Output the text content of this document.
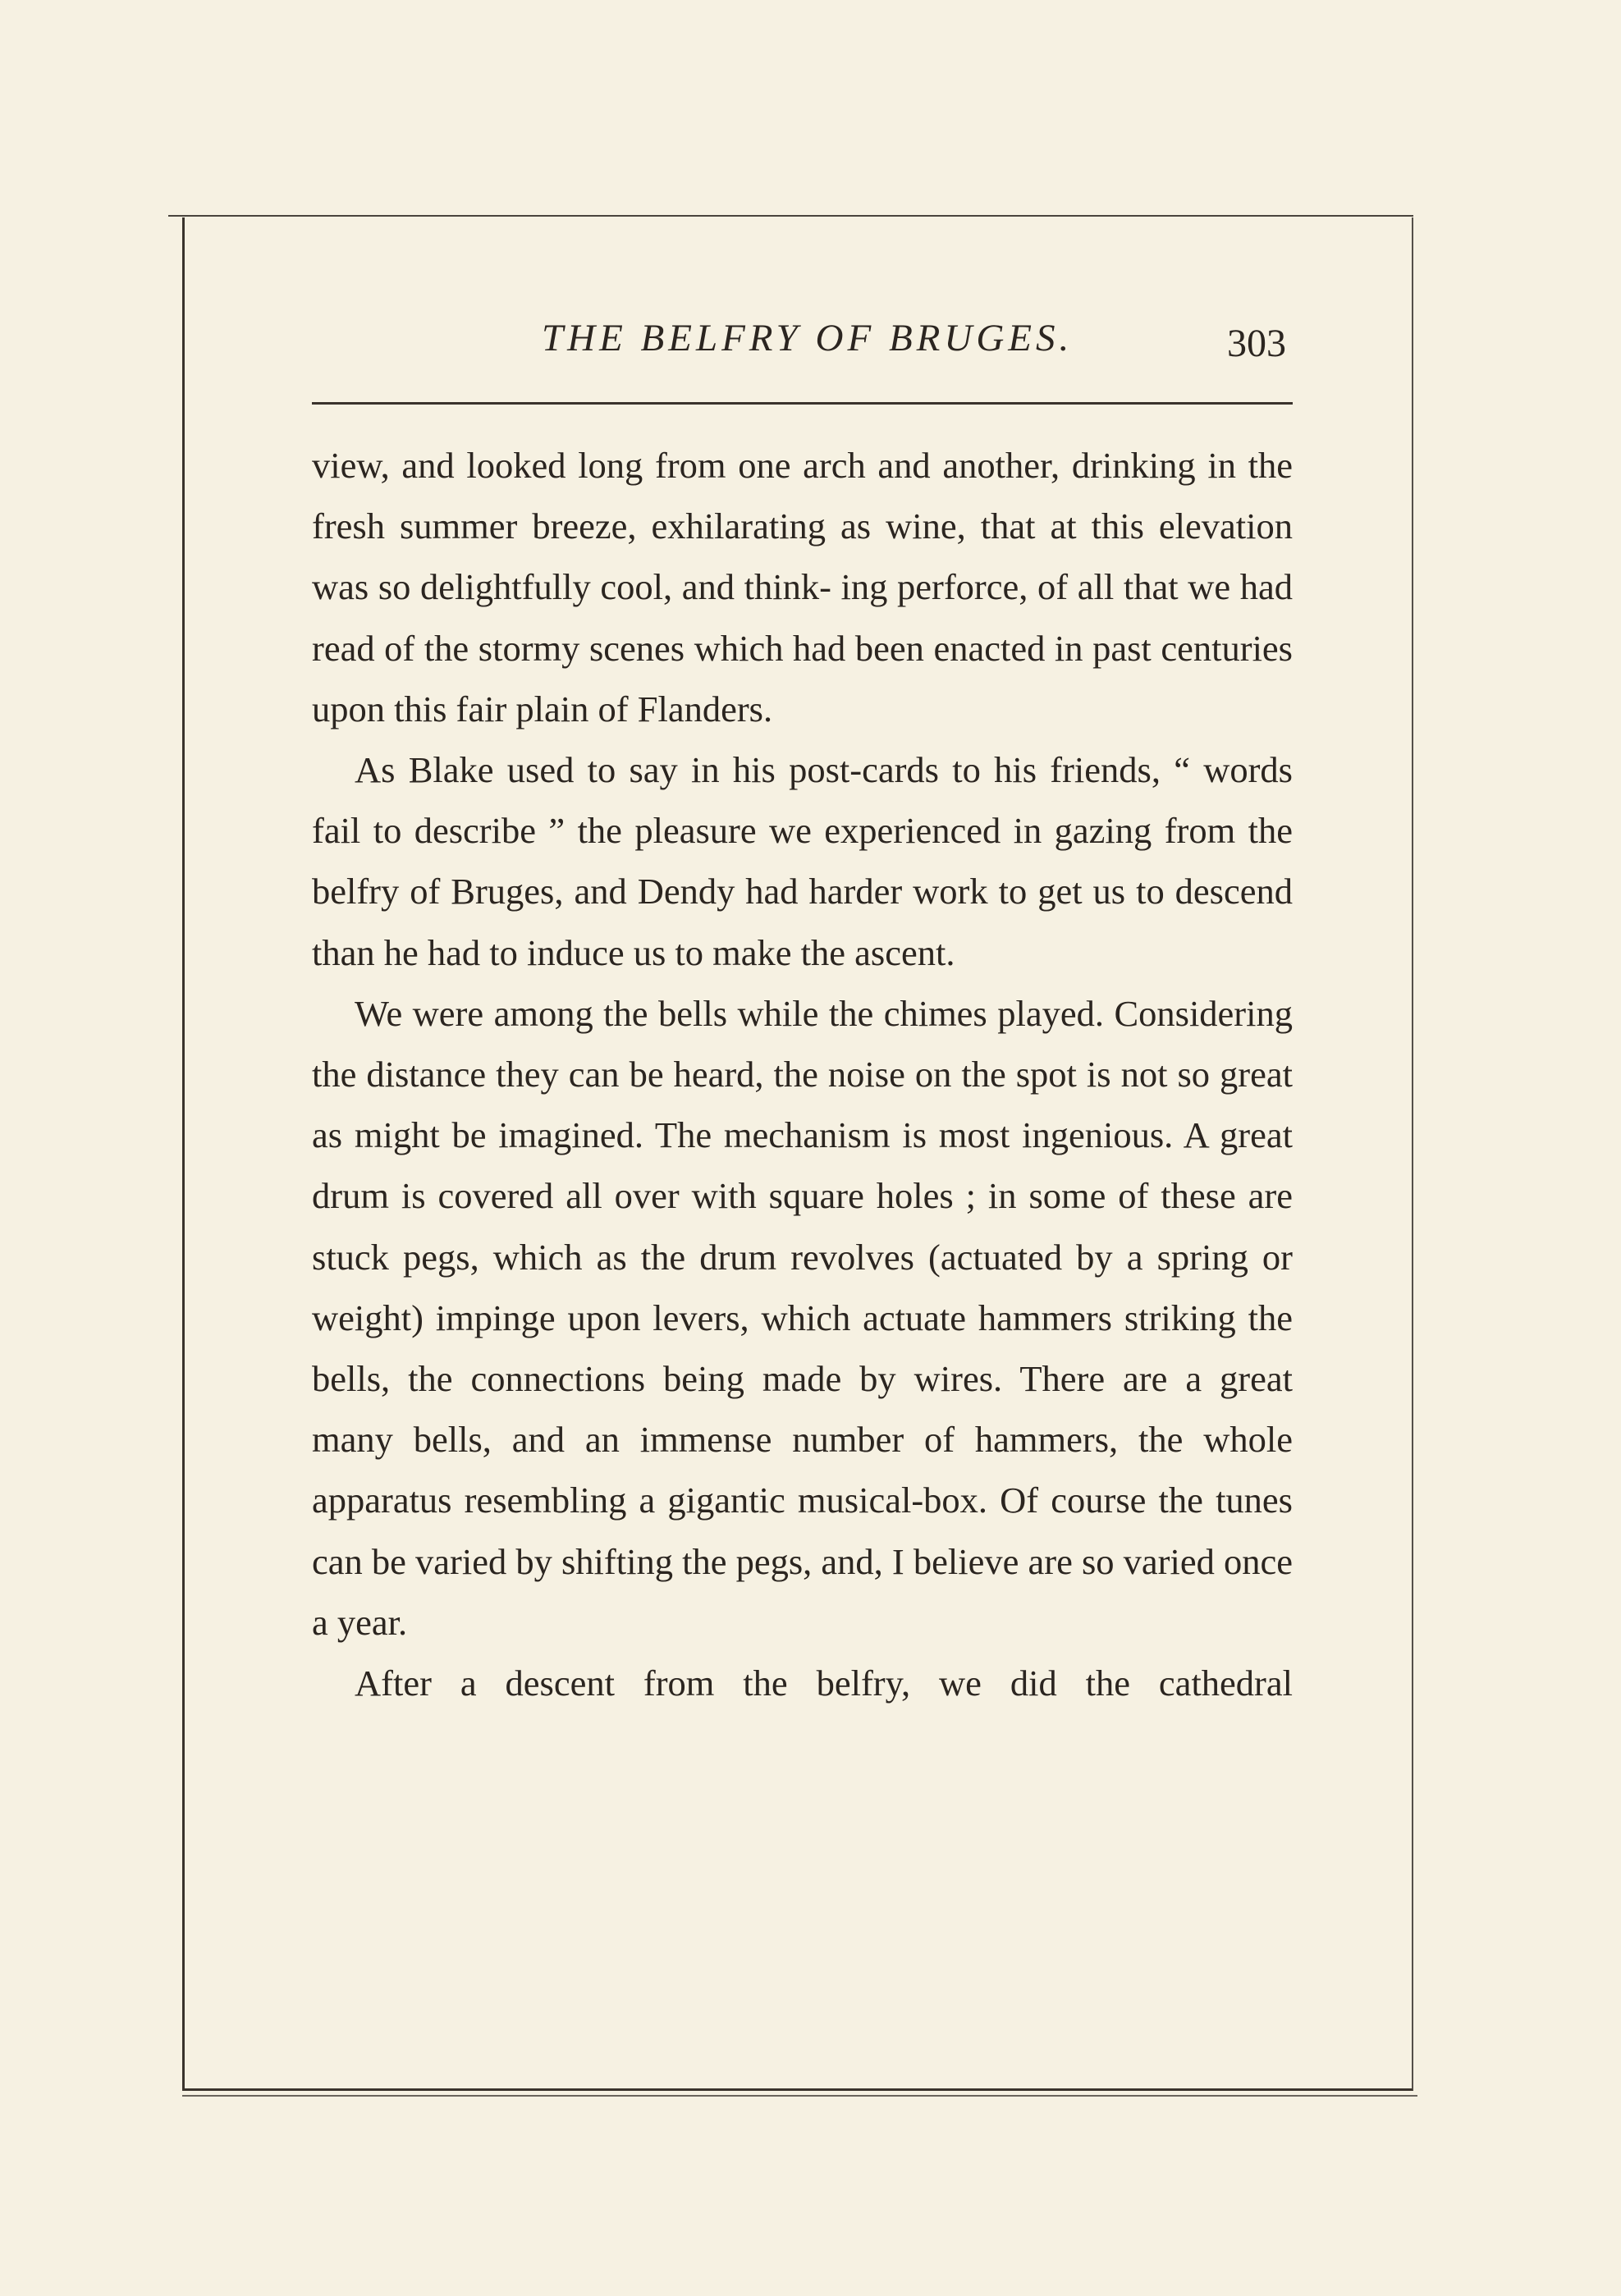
THE BELFRY OF BRUGES.	303

view, and looked long from one arch and another, drinking in the fresh summer breeze, exhilarating as wine, that at this elevation was so delightfully cool, and think- ing perforce, of all that we had read of the stormy scenes which had been enacted in past centuries upon this fair plain of Flanders.

As Blake used to say in his post-cards to his friends, “ words fail to describe ” the pleasure we experienced in gazing from the belfry of Bruges, and Dendy had harder work to get us to descend than he had to induce us to make the ascent.

We were among the bells while the chimes played. Considering the distance they can be heard, the noise on the spot is not so great as might be imagined. The mechanism is most ingenious. A great drum is covered all over with square holes ; in some of these are stuck pegs, which as the drum revolves (actuated by a spring or weight) impinge upon levers, which actuate hammers striking the bells, the connections being made by wires. There are a great many bells, and an immense number of hammers, the whole apparatus resembling a gigantic musical-box. Of course the tunes can be varied by shifting the pegs, and, I believe are so varied once a year.

After a descent from the belfry, we did the cathedral
